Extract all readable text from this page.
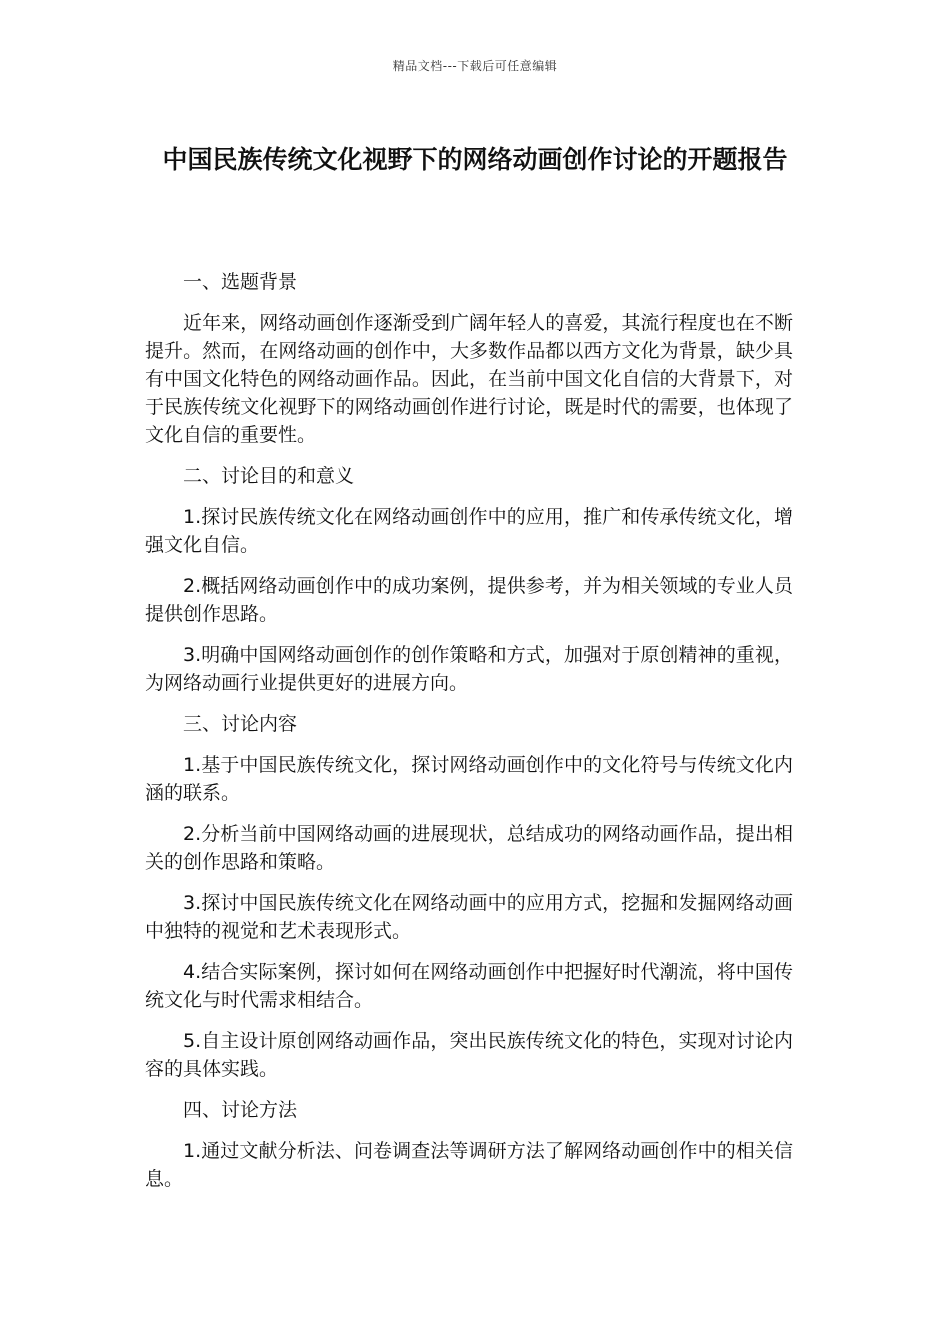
精品文档---下载后可任意编辑
中国民族传统文化视野下的网络动画创作讨论的开题报告

一、选题背景

近年来，网络动画创作逐渐受到广阔年轻人的喜爱，其流行程度也在不断提升。然而，在网络动画的创作中，大多数作品都以西方文化为背景，缺少具有中国文化特色的网络动画作品。因此，在当前中国文化自信的大背景下，对于民族传统文化视野下的网络动画创作进行讨论，既是时代的需要，也体现了文化自信的重要性。

二、讨论目的和意义

1.探讨民族传统文化在网络动画创作中的应用，推广和传承传统文化，增强文化自信。

2.概括网络动画创作中的成功案例，提供参考，并为相关领域的专业人员提供创作思路。

3.明确中国网络动画创作的创作策略和方式，加强对于原创精神的重视，为网络动画行业提供更好的进展方向。

三、讨论内容

1.基于中国民族传统文化，探讨网络动画创作中的文化符号与传统文化内涵的联系。

2.分析当前中国网络动画的进展现状，总结成功的网络动画作品，提出相关的创作思路和策略。

3.探讨中国民族传统文化在网络动画中的应用方式，挖掘和发掘网络动画中独特的视觉和艺术表现形式。

4.结合实际案例，探讨如何在网络动画创作中把握好时代潮流，将中国传统文化与时代需求相结合。

5.自主设计原创网络动画作品，突出民族传统文化的特色，实现对讨论内容的具体实践。

四、讨论方法

1.通过文献分析法、问卷调查法等调研方法了解网络动画创作中的相关信息。
